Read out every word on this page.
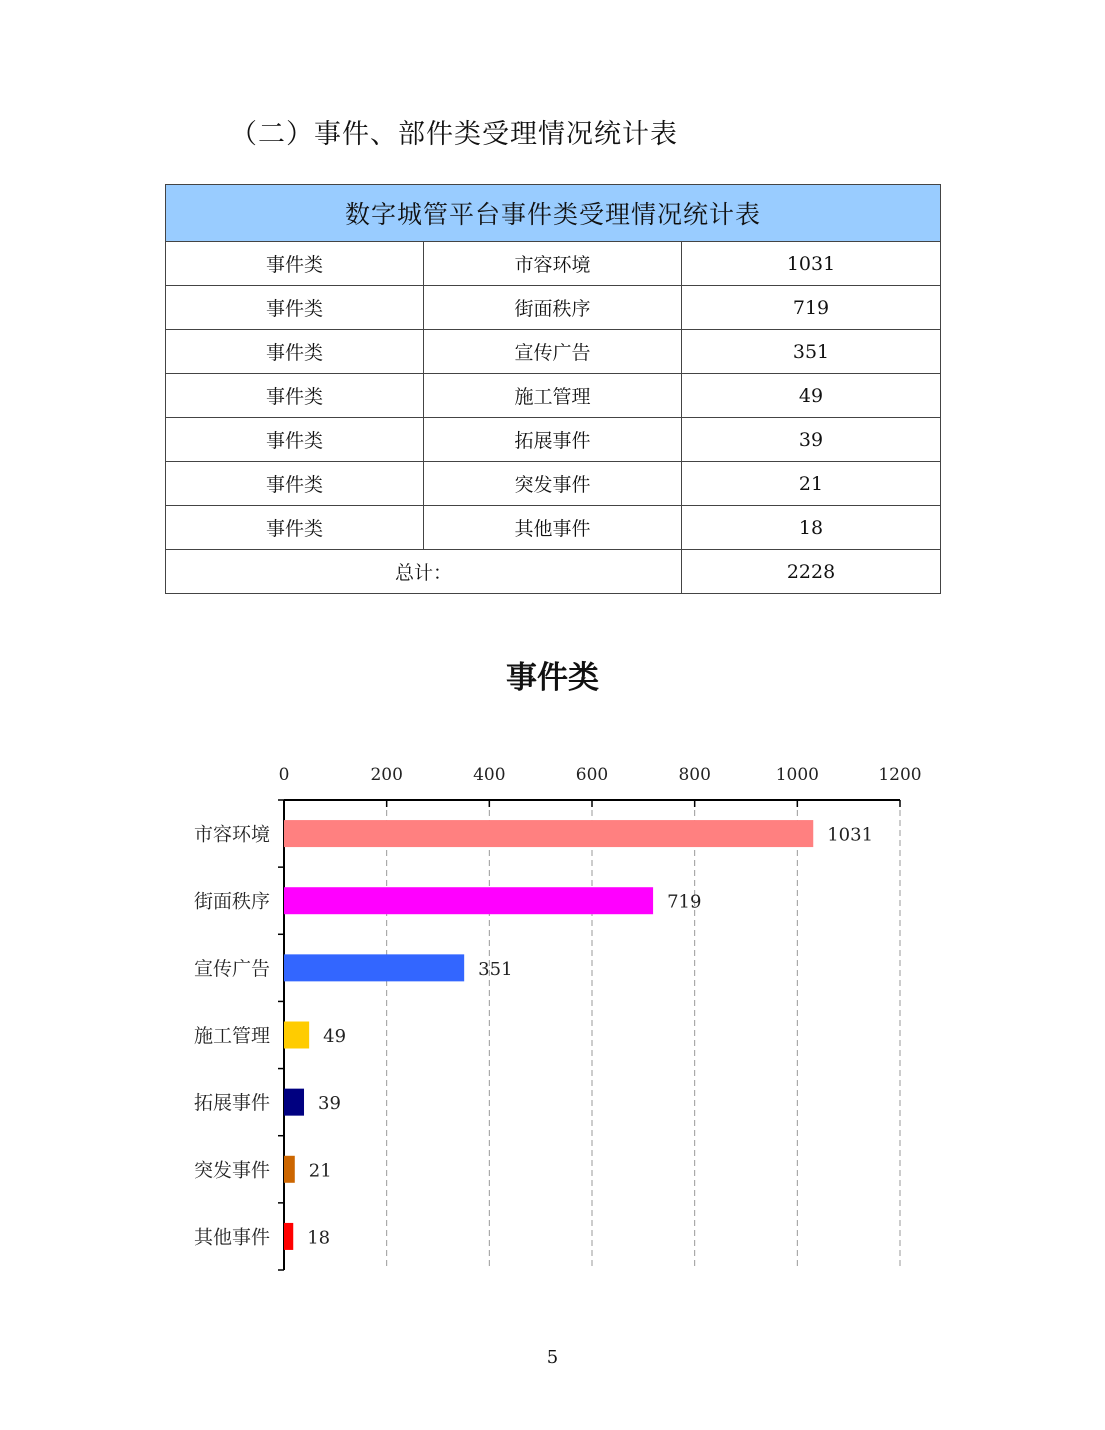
（二）事件、部件类受理情况统计表
数字城管平台事件类受理情况统计表		
事件类	市容环境	1031
事件类	街面秩序	719
事件类	宣传广告	351
事件类	施工管理	49
事件类	拓展事件	39
事件类	突发事件	21
事件类	其他事件	18
总计：		2228
事件类
0	200	400	600	800	1000	1200
市容环境	1031
街面秩序	719
宣传广告	351
施工管理	49
拓展事件	39
突发事件 21
其他事件 18
5
